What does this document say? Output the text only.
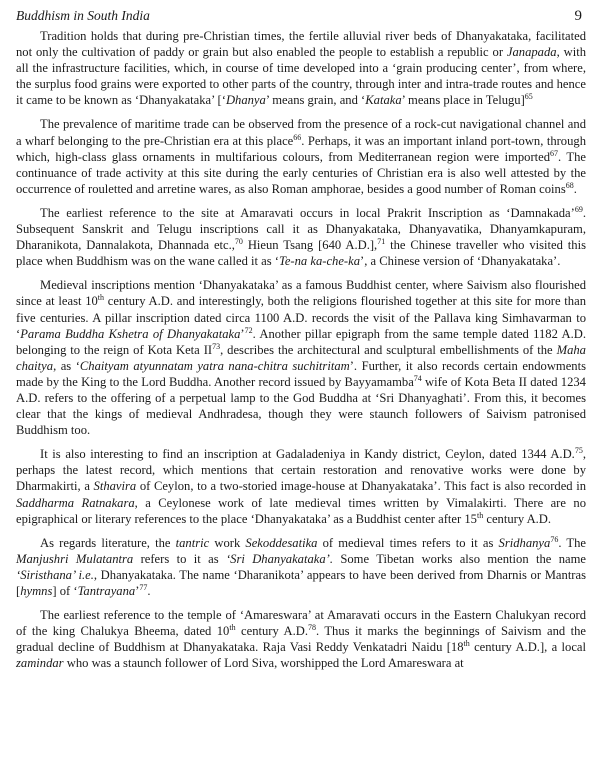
Buddhism in South India	9

Tradition holds that during pre-Christian times, the fertile alluvial river beds of Dhanyakataka, facilitated not only the cultivation of paddy or grain but also enabled the people to establish a republic or Janapada, with all the infrastructure facilities, which, in course of time developed into a ‘grain producing center’, from where, the surplus food grains were exported to other parts of the country, through inter and intra-trade routes and hence it came to be known as ‘Dhanyakataka’ [‘Dhanya’ means grain, and ‘Kataka’ means place in Telugu]$^{65}$

The prevalence of maritime trade can be observed from the presence of a rock-cut navigational channel and a wharf belonging to the pre-Christian era at this place$^{66}$. Perhaps, it was an important inland port-town, through which, high-class glass ornaments in multifarious colours, from Mediterranean region were imported$^{67}$. The continuance of trade activity at this site during the early centuries of Christian era is also well attested by the occurrence of rouletted and arretine wares, as also Roman amphorae, besides a good number of Roman coins$^{68}$.

The earliest reference to the site at Amaravati occurs in local Prakrit Inscription as ‘Damnakada’$^{69}$. Subsequent Sanskrit and Telugu inscriptions call it as Dhanyakataka, Dhanyavatika, Dhanyamkapuram, Dharanikota, Dannalakota, Dhannada etc.,$^{70}$ Hieun Tsang [640 A.D.],$^{71}$ the Chinese traveller who visited this place when Buddhism was on the wane called it as ‘Te-na ka-che-ka’, a Chinese version of ‘Dhanyakataka’.

Medieval inscriptions mention ‘Dhanyakataka’ as a famous Buddhist center, where Saivism also flourished since at least 10th century A.D. and interestingly, both the religions flourished together at this site for more than five centuries. A pillar inscription dated circa 1100 A.D. records the visit of the Pallava king Simhavarman to ‘Parama Buddha Kshetra of Dhanyakataka’$^{72}$. Another pillar epigraph from the same temple dated 1182 A.D. belonging to the reign of Kota Keta II$^{73}$, describes the architectural and sculptural embellishments of the Maha chaitya, as ‘Chaityam atyunnatam yatra nana-chitra suchitritam’. Further, it also records certain endowments made by the King to the Lord Buddha. Another record issued by Bayyamamba$^{74}$ wife of Kota Beta II dated 1234 A.D. refers to the offering of a perpetual lamp to the God Buddha at ‘Sri Dhanyaghati’. From this, it becomes clear that the kings of medieval Andhradesa, though they were staunch followers of Saivism patronised Buddhism too.

It is also interesting to find an inscription at Gadaladeniya in Kandy district, Ceylon, dated 1344 A.D.$^{75}$, perhaps the latest record, which mentions that certain restoration and renovative works were done by Dharmakirti, a Sthavira of Ceylon, to a two-storied image-house at Dhanyakataka’. This fact is also recorded in Saddharma Ratnakara, a Ceylonese work of late medieval times written by Vimalakirti. There are no epigraphical or literary references to the place ‘Dhanyakataka’ as a Buddhist center after 15th century A.D.

As regards literature, the tantric work Sekoddesatika of medieval times refers to it as Sridhanya$^{76}$. The Manjushri Mulatantra refers to it as ‘Sri Dhanyakataka’. Some Tibetan works also mention the name ‘Siristhana’ i.e., Dhanyakataka. The name ‘Dharanikota’ appears to have been derived from Dharnis or Mantras [hymns] of ‘Tantrayana’$^{77}$.

The earliest reference to the temple of ‘Amareswara’ at Amaravati occurs in the Eastern Chalukyan record of the king Chalukya Bheema, dated 10th century A.D.$^{78}$. Thus it marks the beginnings of Saivism and the gradual decline of Buddhism at Dhanyakataka. Raja Vasi Reddy Venkatadri Naidu [18th century A.D.], a local zamindar who was a staunch follower of Lord Siva, worshipped the Lord Amareswara at
